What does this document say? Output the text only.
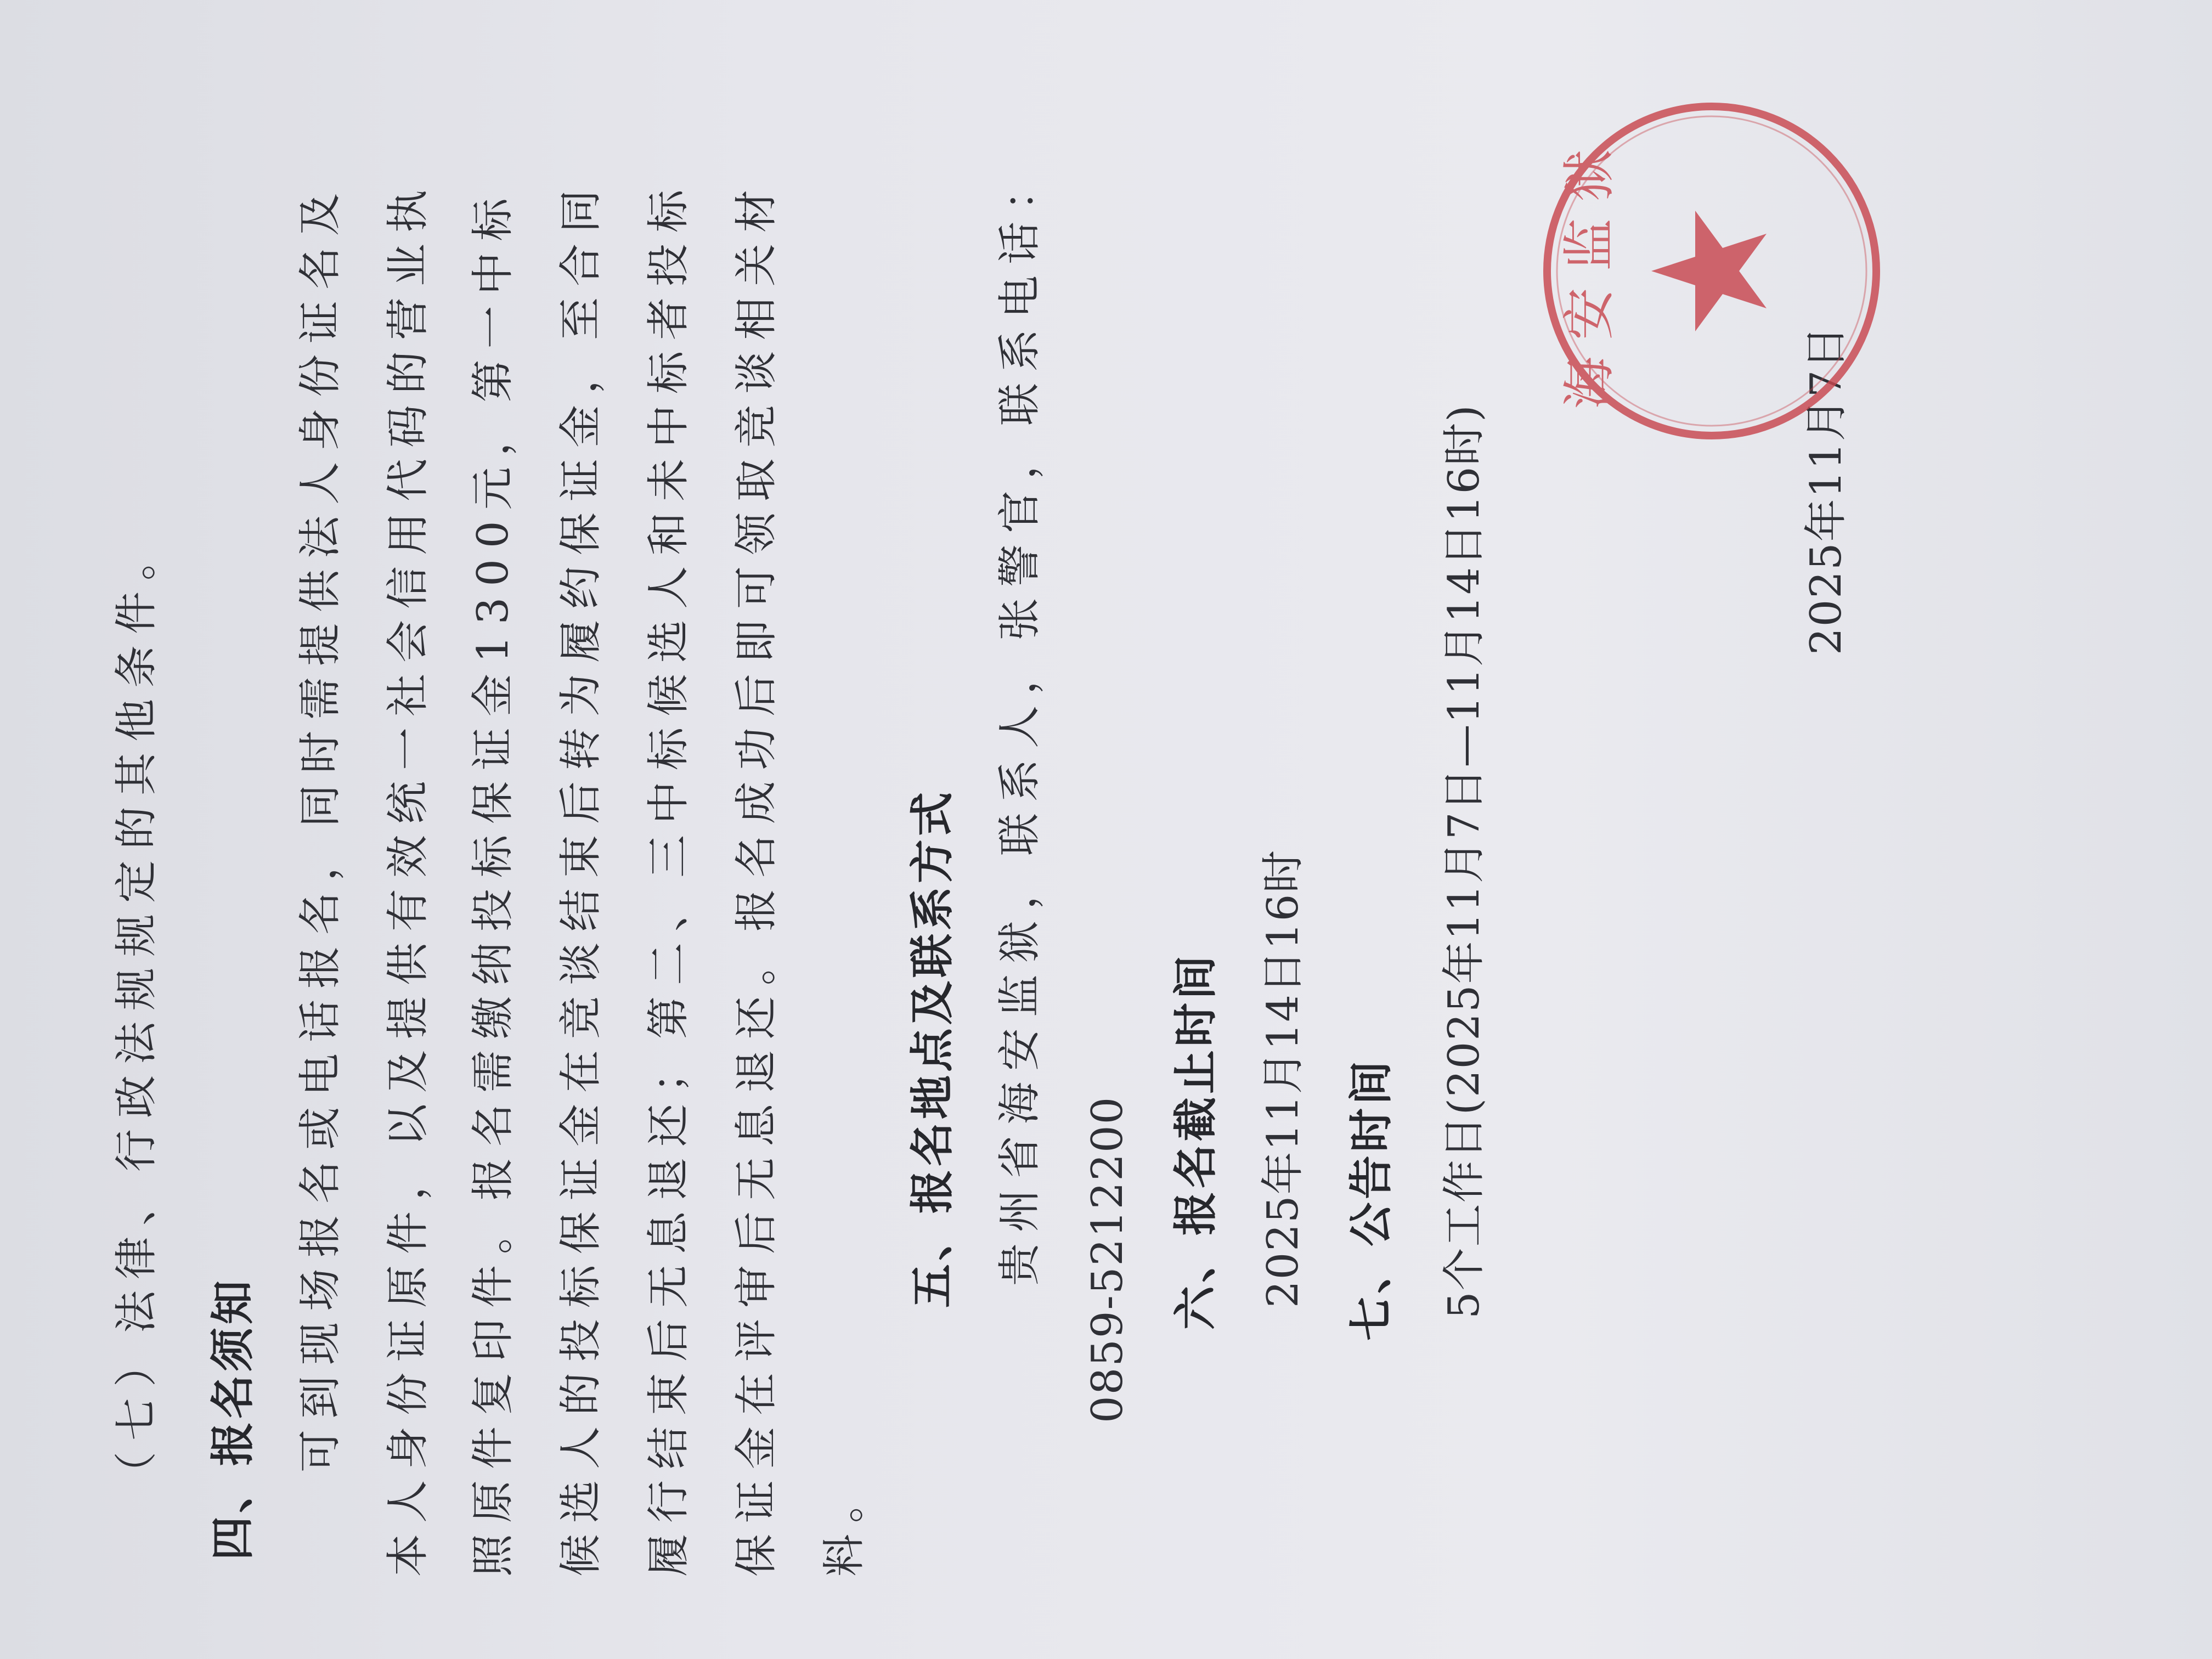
（七）法律、行政法规规定的其他条件。 四、报名须知 可到现场报名或电话报名，同时需提供法人身份证名及 本人身份证原件，以及提供有效统一社会信用代码的营业执 照原件复印件。报名需缴纳投标保证金1300元，第一中标 候选人的投标保证金在竞谈结束后转为履约保证金，至合同 履行结束后无息退还；第二、三中标候选人和未中标者投标 保证金在评审后无息退还。报名成功后即可领取竞谈相关材 料。
五、报名地点及联系方式 贵州省海安监狱，联系人，张警官，联系电话： 0859-5212200 六、报名截止时间 2025年11月14日16时 七、公告时间 5个工作日(2025年11月7日—11月14日16时)	2025年11月7日
海安监狱
